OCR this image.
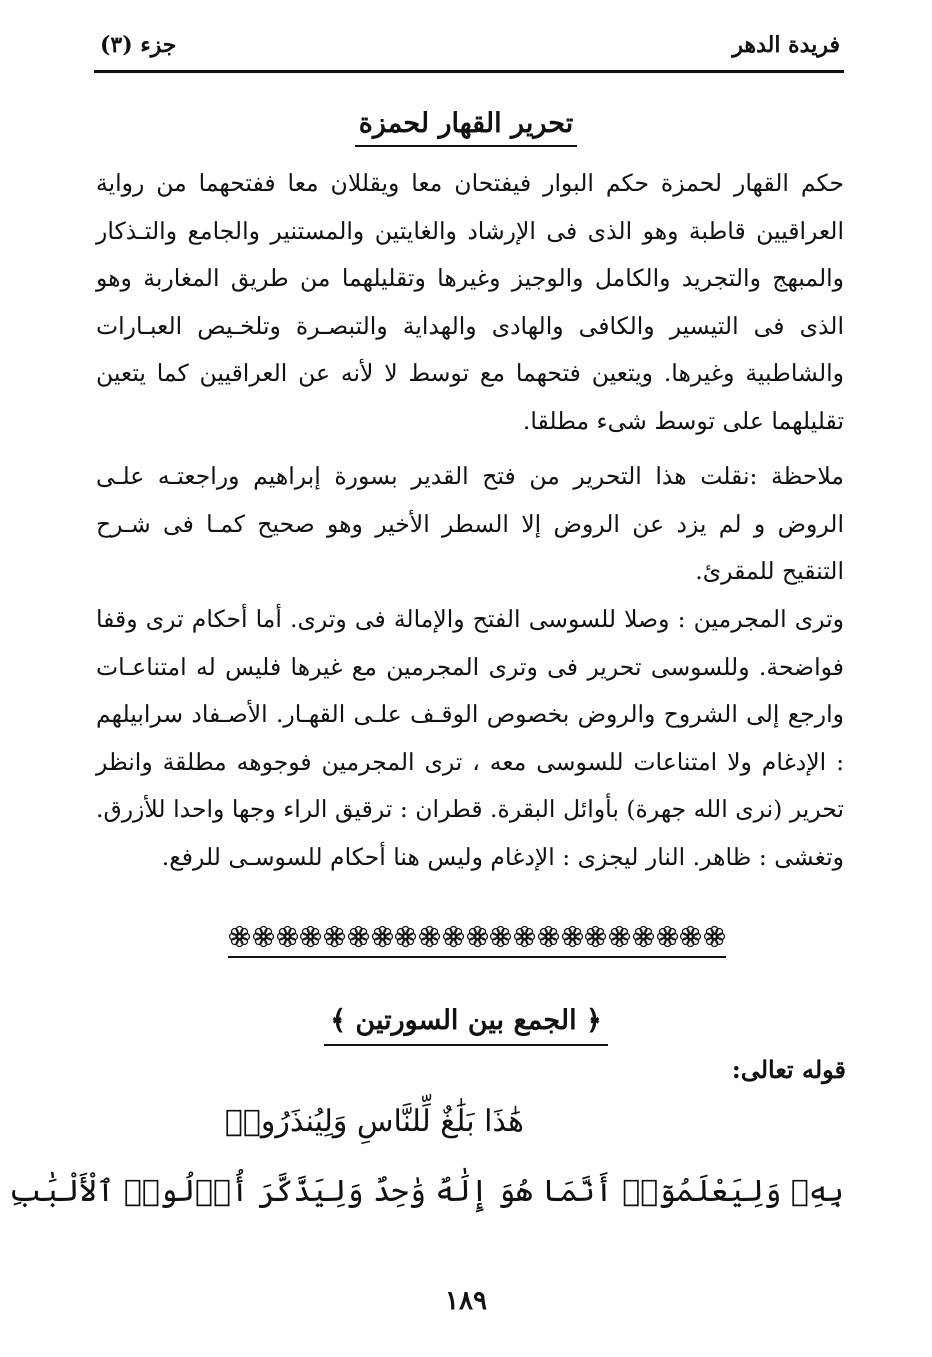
فريدة الدهر
جزء (٣)
تحرير القهار لحمزة

حكم القهار لحمزة حكم البوار فيفتحان معا ويقللان معا ففتحهما من رواية العراقيين قاطبة وهو الذى فى الإرشاد والغايتين والمستنير والجامع والتـذكار والمبهج والتجريد والكامل والوجيز وغيرها وتقليلهما من طريق المغاربة وهو الذى فى التيسير والكافى والهادى والهداية والتبصـرة وتلخـيص العبـارات والشاطبية وغيرها. ويتعين فتحهما مع توسط لا لأنه عن العراقيين كما يتعين تقليلهما على توسط شىء مطلقا.

ملاحظة :نقلت هذا التحرير من فتح القدير بسورة إبراهيم وراجعتـه علـى الروض و لم يزد عن الروض إلا السطر الأخير وهو صحيح كمـا فى شـرح التنقيح للمقرئ.

وترى المجرمين : وصلا للسوسى الفتح والإمالة فى وترى. أما أحكام ترى وقفا فواضحة. وللسوسى تحرير فى وترى المجرمين مع غيرها فليس له امتناعـات وارجع إلى الشروح والروض بخصوص الوقـف علـى القهـار. الأصـفاد سرابيلهم : الإدغام ولا امتناعات للسوسى معه ، ترى المجرمين فوجوهه مطلقة وانظر تحرير (نرى الله جهرة) بأوائل البقرة. قطران : ترقيق الراء وجها واحدا للأزرق. وتغشى : ظاهر. النار ليجزى : الإدغام وليس هنا أحكام للسوسـى للرفع.

﴿ الجمع بين السورتين ﴾
قوله تعالى:
هَٰذَا بَلَٰغٌ لِّلنَّاسِ وَلِيُنذَرُوا۟
بِهِۦ وَلِيَعْلَمُوٓا۟ أَنَّمَا هُوَ إِلَٰهٌ وَٰحِدٌ وَلِيَذَّكَّرَ أُو۟لُوا۟ ٱلْأَلْبَٰبِ
١٨٩
